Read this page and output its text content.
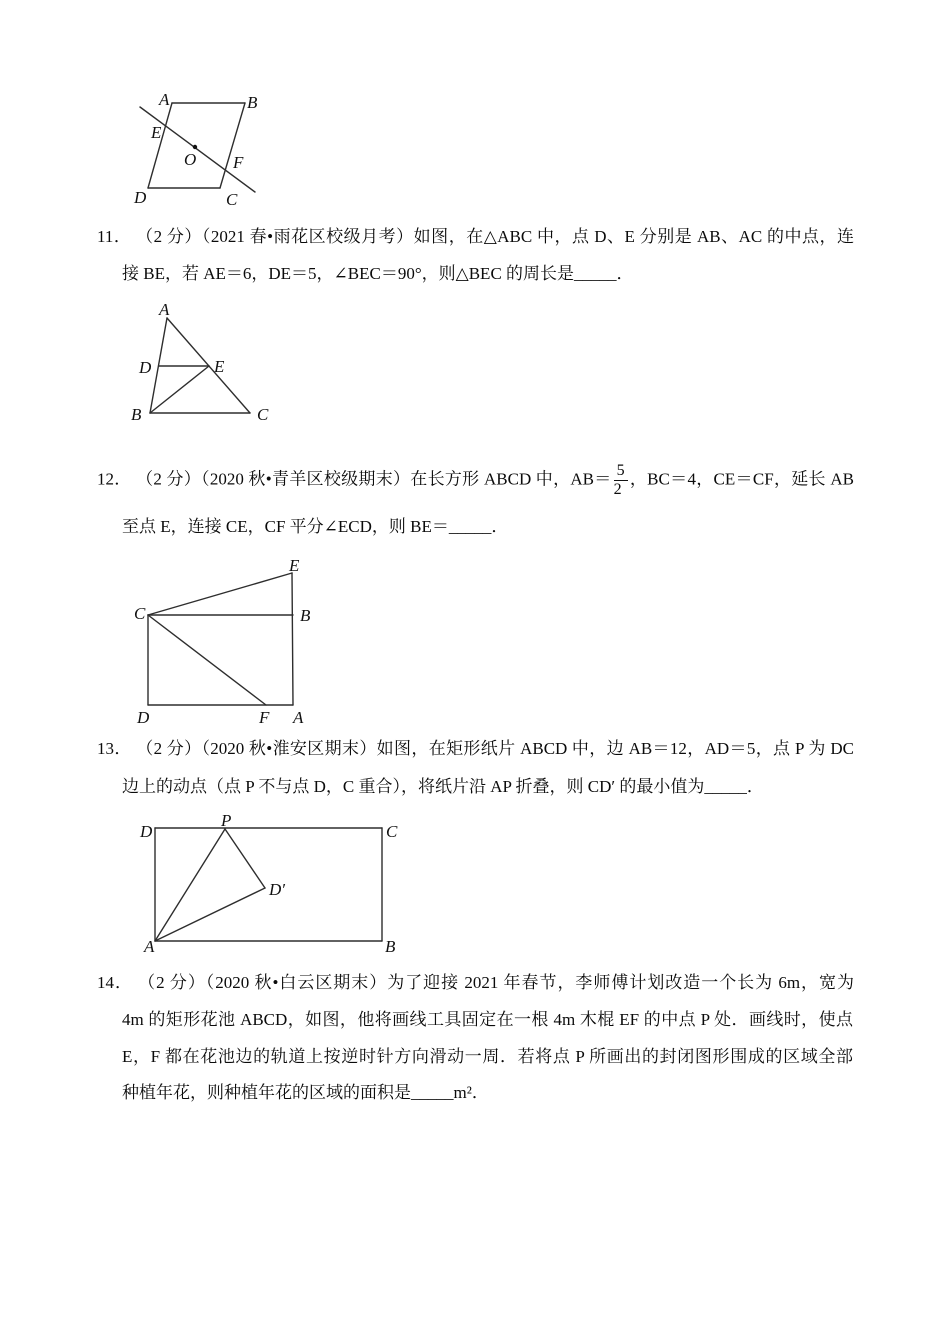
A	B
E
O F
D	C
11． （2 分）（2021 春•雨花区校级月考）如图，在△ABC 中，点 D、E 分别是 AB、AC 的中点，连
接 BE，若 AE＝6，DE＝5，∠BEC＝90°，则△BEC 的周长是_____．
A
D	E
B	C
12． （2 分）（2020 秋•青羊区校级期末）在长方形 ABCD 中，$AB= \frac{5}{2}$ ，BC＝4，CE＝CF，延长 AB
至点 E，连接 CE，CF 平分∠ECD，则 BE＝_____．
E
C	B
D	F A
13． （2 分）（2020 秋•淮安区期末）如图，在矩形纸片 ABCD 中，边 AB＝12，AD＝5，点 P 为 DC
边上的动点（点 P 不与点 D，C 重合），将纸片沿 AP 折叠，则 CD′ 的最小值为_____．
D
P
C
D′
A	B
14． （2 分）（2020 秋•白云区期末）为了迎接 2021 年春节，李师傅计划改造一个长为 6m，宽为
4m 的矩形花池 ABCD，如图，他将画线工具固定在一根 4m 木棍 EF 的中点 P 处．画线时，使点
E，F 都在花池边的轨道上按逆时针方向滑动一周．若将点 P 所画出的封闭图形围成的区域全部
种植年花，则种植年花的区域的面积是_____m²．
